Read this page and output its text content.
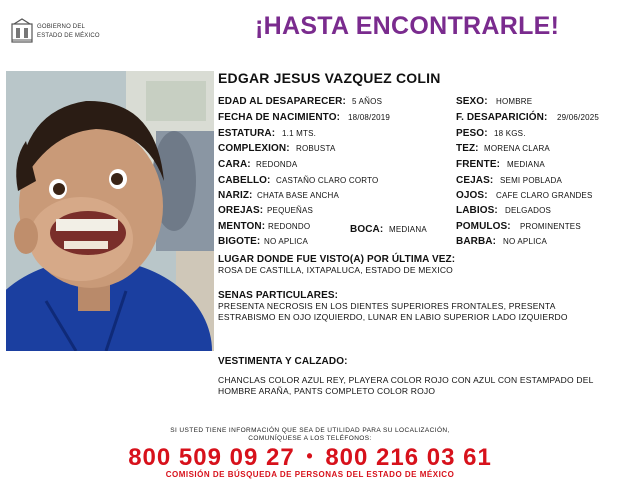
GOBIERNO DEL
ESTADO DE MÉXICO	¡HASTA ENCONTRARLE!
EDGAR JESUS VAZQUEZ COLIN
EDAD AL DESAPARECER: 5 AÑOS
FECHA DE NACIMIENTO: 18/08/2019
ESTATURA: 1.1 MTS.
COMPLEXION: ROBUSTA
CARA: REDONDA
CABELLO: CASTAÑO CLARO CORTO
NARIZ: CHATA BASE ANCHA
OREJAS: PEQUEÑAS
MENTON: REDONDO	BOCA: MEDIANA
BIGOTE: NO APLICA
SEXO: HOMBRE
F. DESAPARICIÓN: 29/06/2025
PESO: 18 KGS.
TEZ: MORENA CLARA
FRENTE: MEDIANA
CEJAS: SEMI POBLADA
OJOS: CAFE CLARO GRANDES
LABIOS: DELGADOS
POMULOS: PROMINENTES
BARBA: NO APLICA
LUGAR DONDE FUE VISTO(A) POR ÚLTIMA VEZ:
ROSA DE CASTILLA, IXTAPALUCA, ESTADO DE MEXICO
SENAS PARTICULARES:
PRESENTA NECROSIS EN LOS DIENTES SUPERIORES FRONTALES, PRESENTA
ESTRABISMO EN OJO IZQUIERDO, LUNAR EN LABIO SUPERIOR LADO IZQUIERDO
VESTIMENTA Y CALZADO:
CHANCLAS COLOR AZUL REY, PLAYERA COLOR ROJO CON AZUL CON ESTAMPADO DEL
HOMBRE ARAÑA, PANTS COMPLETO COLOR ROJO
SI USTED TIENE INFORMACIÓN QUE SEA DE UTILIDAD PARA SU LOCALIZACIÓN,
COMUNÍQUESE A LOS TELÉFONOS:
800 509 09 27 • 800 216 03 61
COMISIÓN DE BÚSQUEDA DE PERSONAS DEL ESTADO DE MÉXICO
